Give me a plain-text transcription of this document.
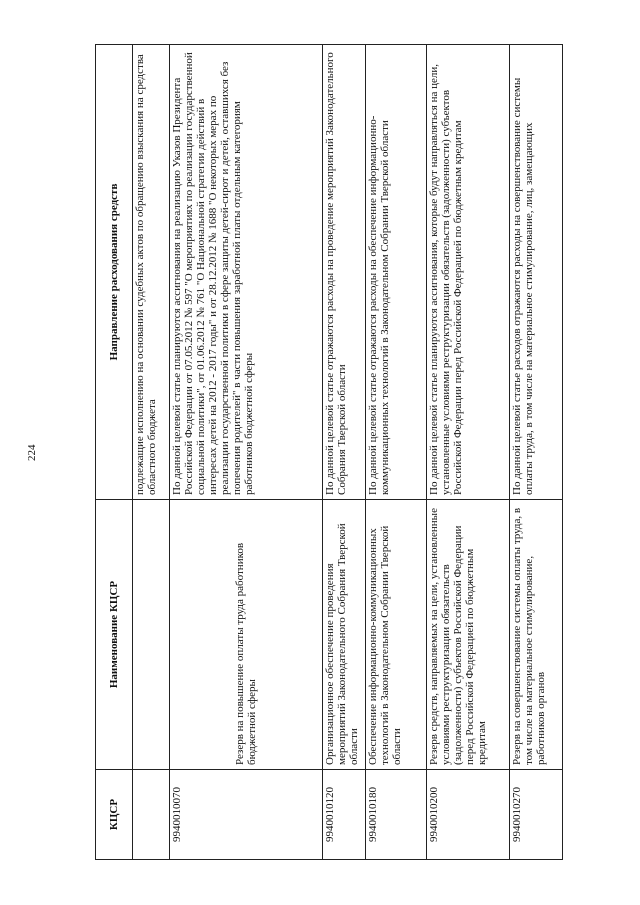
224
КЦСР	Наименование КЦСР	Направление расходования средств
		подлежащие исполнению на основании судебных актов по обращению взыскания на средства областного бюджета
9940010070	Резерв на повышение оплаты труда работников бюджетной сферы	По данной целевой статье планируются ассигнования на реализацию Указов Президента Российской Федерации от 07.05.2012 № 597 "О мероприятиях по реализации государственной социальной политики", от 01.06.2012 № 761 "О Национальной стратегии действий в интересах детей на 2012 - 2017 годы" и от 28.12.2012 № 1688 "О некоторых мерах по реализации государственной политики в сфере защиты детей-сирот и детей, оставшихся без попечения родителей" в части повышения заработной платы отдельным категориям работников бюджетной сферы
9940010120	Организационное обеспечение проведения мероприятий Законодательного Собрания Тверской области	По данной целевой статье отражаются расходы на проведение мероприятий Законодательного Собрания Тверской области
9940010180	Обеспечение информационно-коммуникационных технологий в Законодательном Собрании Тверской области	По данной целевой статье отражаются расходы на обеспечение информационно-коммуникационных технологий в Законодательном Собрании Тверской области
9940010200	Резерв средств, направляемых на цели, установленные условиями реструктуризации обязательств (задолженности) субъектов Российской Федерации перед Российской Федерацией по бюджетным кредитам	По данной целевой статье планируются ассигнования, которые будут направляться на цели, установленные условиями реструктуризации обязательств (задолженности) субъектов Российской Федерации перед Российской Федерацией по бюджетным кредитам
9940010270	Резерв на совершенствование системы оплаты труда, в том числе на материальное стимулирование, работников органов	По данной целевой статье расходов отражаются расходы на совершенствование системы оплаты труда, в том числе на материальное стимулирование, лиц, замещающих
